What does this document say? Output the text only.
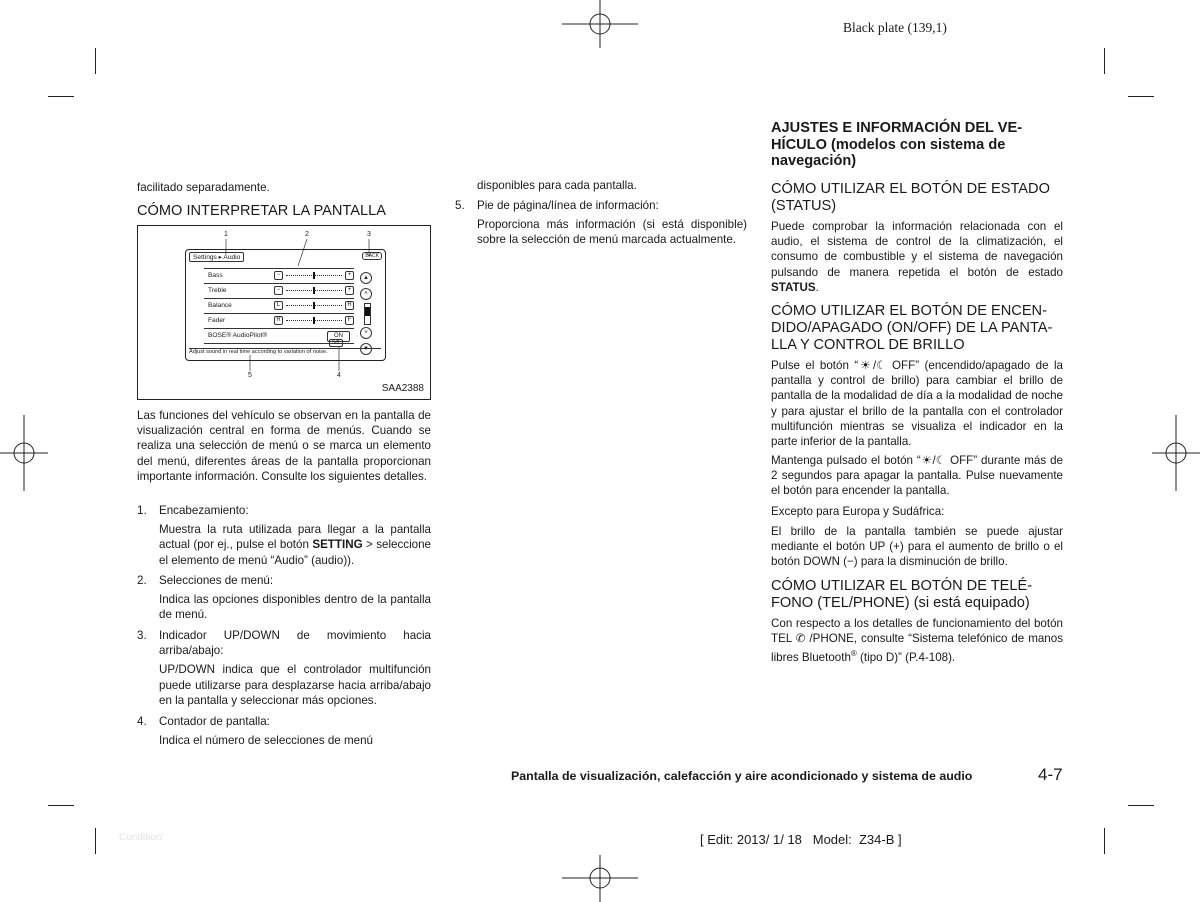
Black plate (139,1)
facilitado separadamente.
CÓMO INTERPRETAR LA PANTALLA
1	2	3
5	4
Settings ▸ Audio	BACK
Bass	−	+
Treble	−	+
Balance	L	R
Fader	R	F
BOSE® AudioPilot®	ON
▲
˄
˅
▼
5/8
Adjust sound in real time according to variation of noise.
SAA2388
Las funciones del vehículo se observan en la pantalla de visualización central en forma de menús. Cuando se realiza una selección de menú o se marca un elemento del menú, diferentes áreas de la pantalla proporcionan importante información. Consulte los siguientes detalles.
1.	Encabezamiento:
Muestra la ruta utilizada para llegar a la pantalla actual (por ej., pulse el botón SETTING > seleccione el elemento de menú “Audio” (audio)).
2.	Selecciones de menú:
Indica las opciones disponibles dentro de la pantalla de menú.
3.	Indicador UP/DOWN de movimiento hacia arriba/abajo:
UP/DOWN indica que el controlador multifunción puede utilizarse para desplazarse hacia arriba/abajo en la pantalla y seleccionar más opciones.
4.	Contador de pantalla:
Indica el número de selecciones de menú
disponibles para cada pantalla.
5.	Pie de página/línea de información:
Proporciona más información (si está disponible) sobre la selección de menú marcada actualmente.
AJUSTES E INFORMACIÓN DEL VE-
HÍCULO (modelos con sistema de
navegación)
CÓMO UTILIZAR EL BOTÓN DE ESTADO
(STATUS)
Puede comprobar la información relacionada con el audio, el sistema de control de la climatización, el consumo de combustible y el sistema de navegación pulsando de manera repetida el botón de estado STATUS.
CÓMO UTILIZAR EL BOTÓN DE ENCEN-
DIDO/APAGADO (ON/OFF) DE LA PANTA-
LLA Y CONTROL DE BRILLO
Pulse el botón “☀/☾ OFF” (encendido/apagado de la pantalla y control de brillo) para cambiar el brillo de pantalla de la modalidad de día a la modalidad de noche y para ajustar el brillo de la pantalla con el controlador multifunción mientras se visualiza el indicador en la parte inferior de la pantalla.
Mantenga pulsado el botón “☀/☾ OFF” durante más de 2 segundos para apagar la pantalla. Pulse nuevamente el botón para encender la pantalla.
Excepto para Europa y Sudáfrica:
El brillo de la pantalla también se puede ajustar mediante el botón UP (+) para el aumento de brillo o el botón DOWN (−) para la disminución de brillo.
CÓMO UTILIZAR EL BOTÓN DE TELÉ-
FONO (TEL/PHONE) (si está equipado)
Con respecto a los detalles de funcionamiento del botón TEL ✆ /PHONE, consulte “Sistema telefónico de manos libres Bluetooth® (tipo D)” (P.4-108).
Pantalla de visualización, calefacción y aire acondicionado y sistema de audio	4-7
Condition:	[ Edit: 2013/ 1/ 18   Model:  Z34-B ]
